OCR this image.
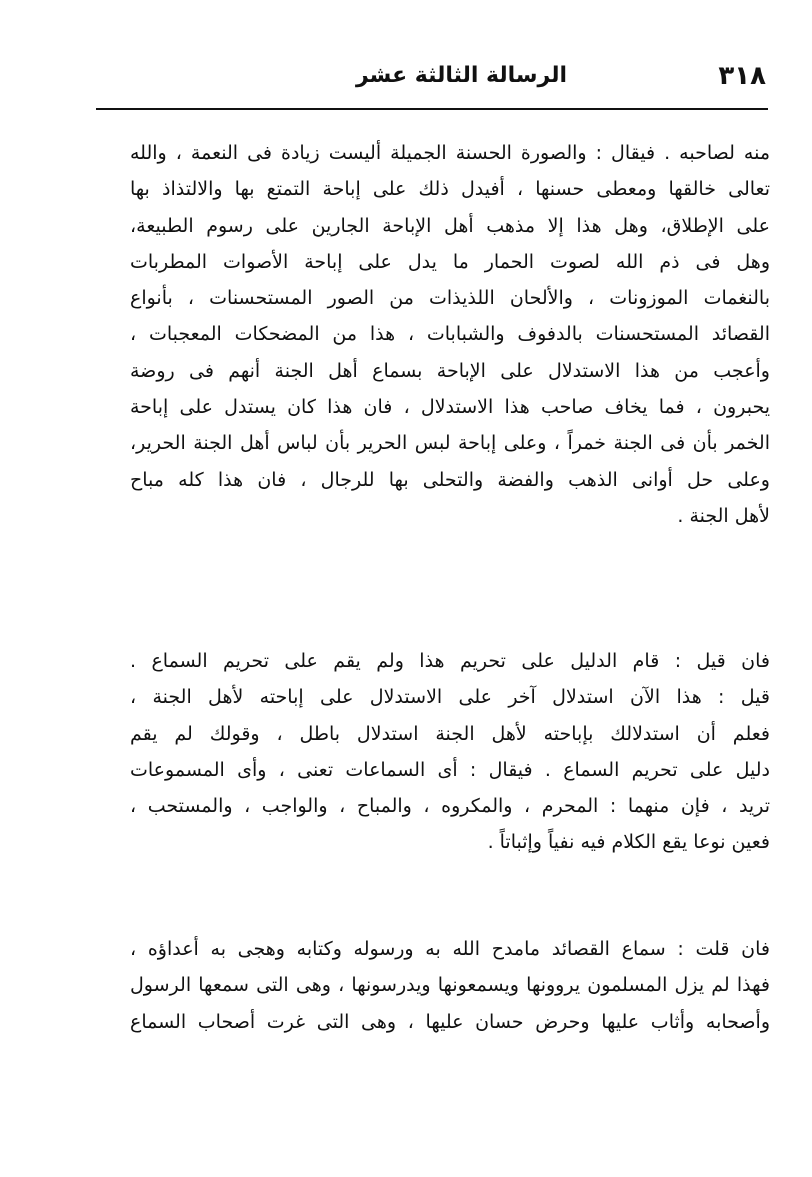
٣١٨
الرسالة الثالثة عشر
منه لصاحبه . فيقال : والصورة الحسنة الجميلة أليست زيادة فى النعمة ، والله
تعالى خالقها ومعطى حسنها ، أفيدل ذلك على إباحة التمتع بها والالتذاذ بها
على الإطلاق، وهل هذا إلا مذهب أهل الإباحة الجارين على رسوم الطبيعة،
وهل فى ذم الله لصوت الحمار ما يدل على إباحة الأصوات المطربات
بالنغمات الموزونات ، والألحان اللذيذات من الصور المستحسنات ، بأنواع
القصائد المستحسنات بالدفوف والشبابات ، هذا من المضحكات المعجبات ،
وأعجب من هذا الاستدلال على الإباحة بسماع أهل الجنة أنهم فى روضة
يحبرون ، فما يخاف صاحب هذا الاستدلال ، فان هذا كان يستدل على إباحة
الخمر بأن فى الجنة خمراً ، وعلى إباحة لبس الحرير بأن لباس أهل الجنة الحرير،
وعلى حل أوانى الذهب والفضة والتحلى بها للرجال ، فان هذا كله مباح
لأهل الجنة .
فان قيل : قام الدليل على تحريم هذا ولم يقم على تحريم السماع .
قيل : هذا الآن استدلال آخر على الاستدلال على إباحته لأهل الجنة ،
فعلم أن استدلالك بإباحته لأهل الجنة استدلال باطل ، وقولك لم يقم
دليل على تحريم السماع . فيقال : أى السماعات تعنى ، وأى المسموعات
تريد ، فإن منهما : المحرم ، والمكروه ، والمباح ، والواجب ، والمستحب ،
فعين نوعا يقع الكلام فيه نفياً وإثباتاً .
فان قلت : سماع القصائد مامدح الله به ورسوله وكتابه وهجى به أعداؤه ،
فهذا لم يزل المسلمون يروونها ويسمعونها ويدرسونها ، وهى التى سمعها الرسول
وأصحابه وأثاب عليها وحرض حسان عليها ، وهى التى غرت أصحاب السماع
